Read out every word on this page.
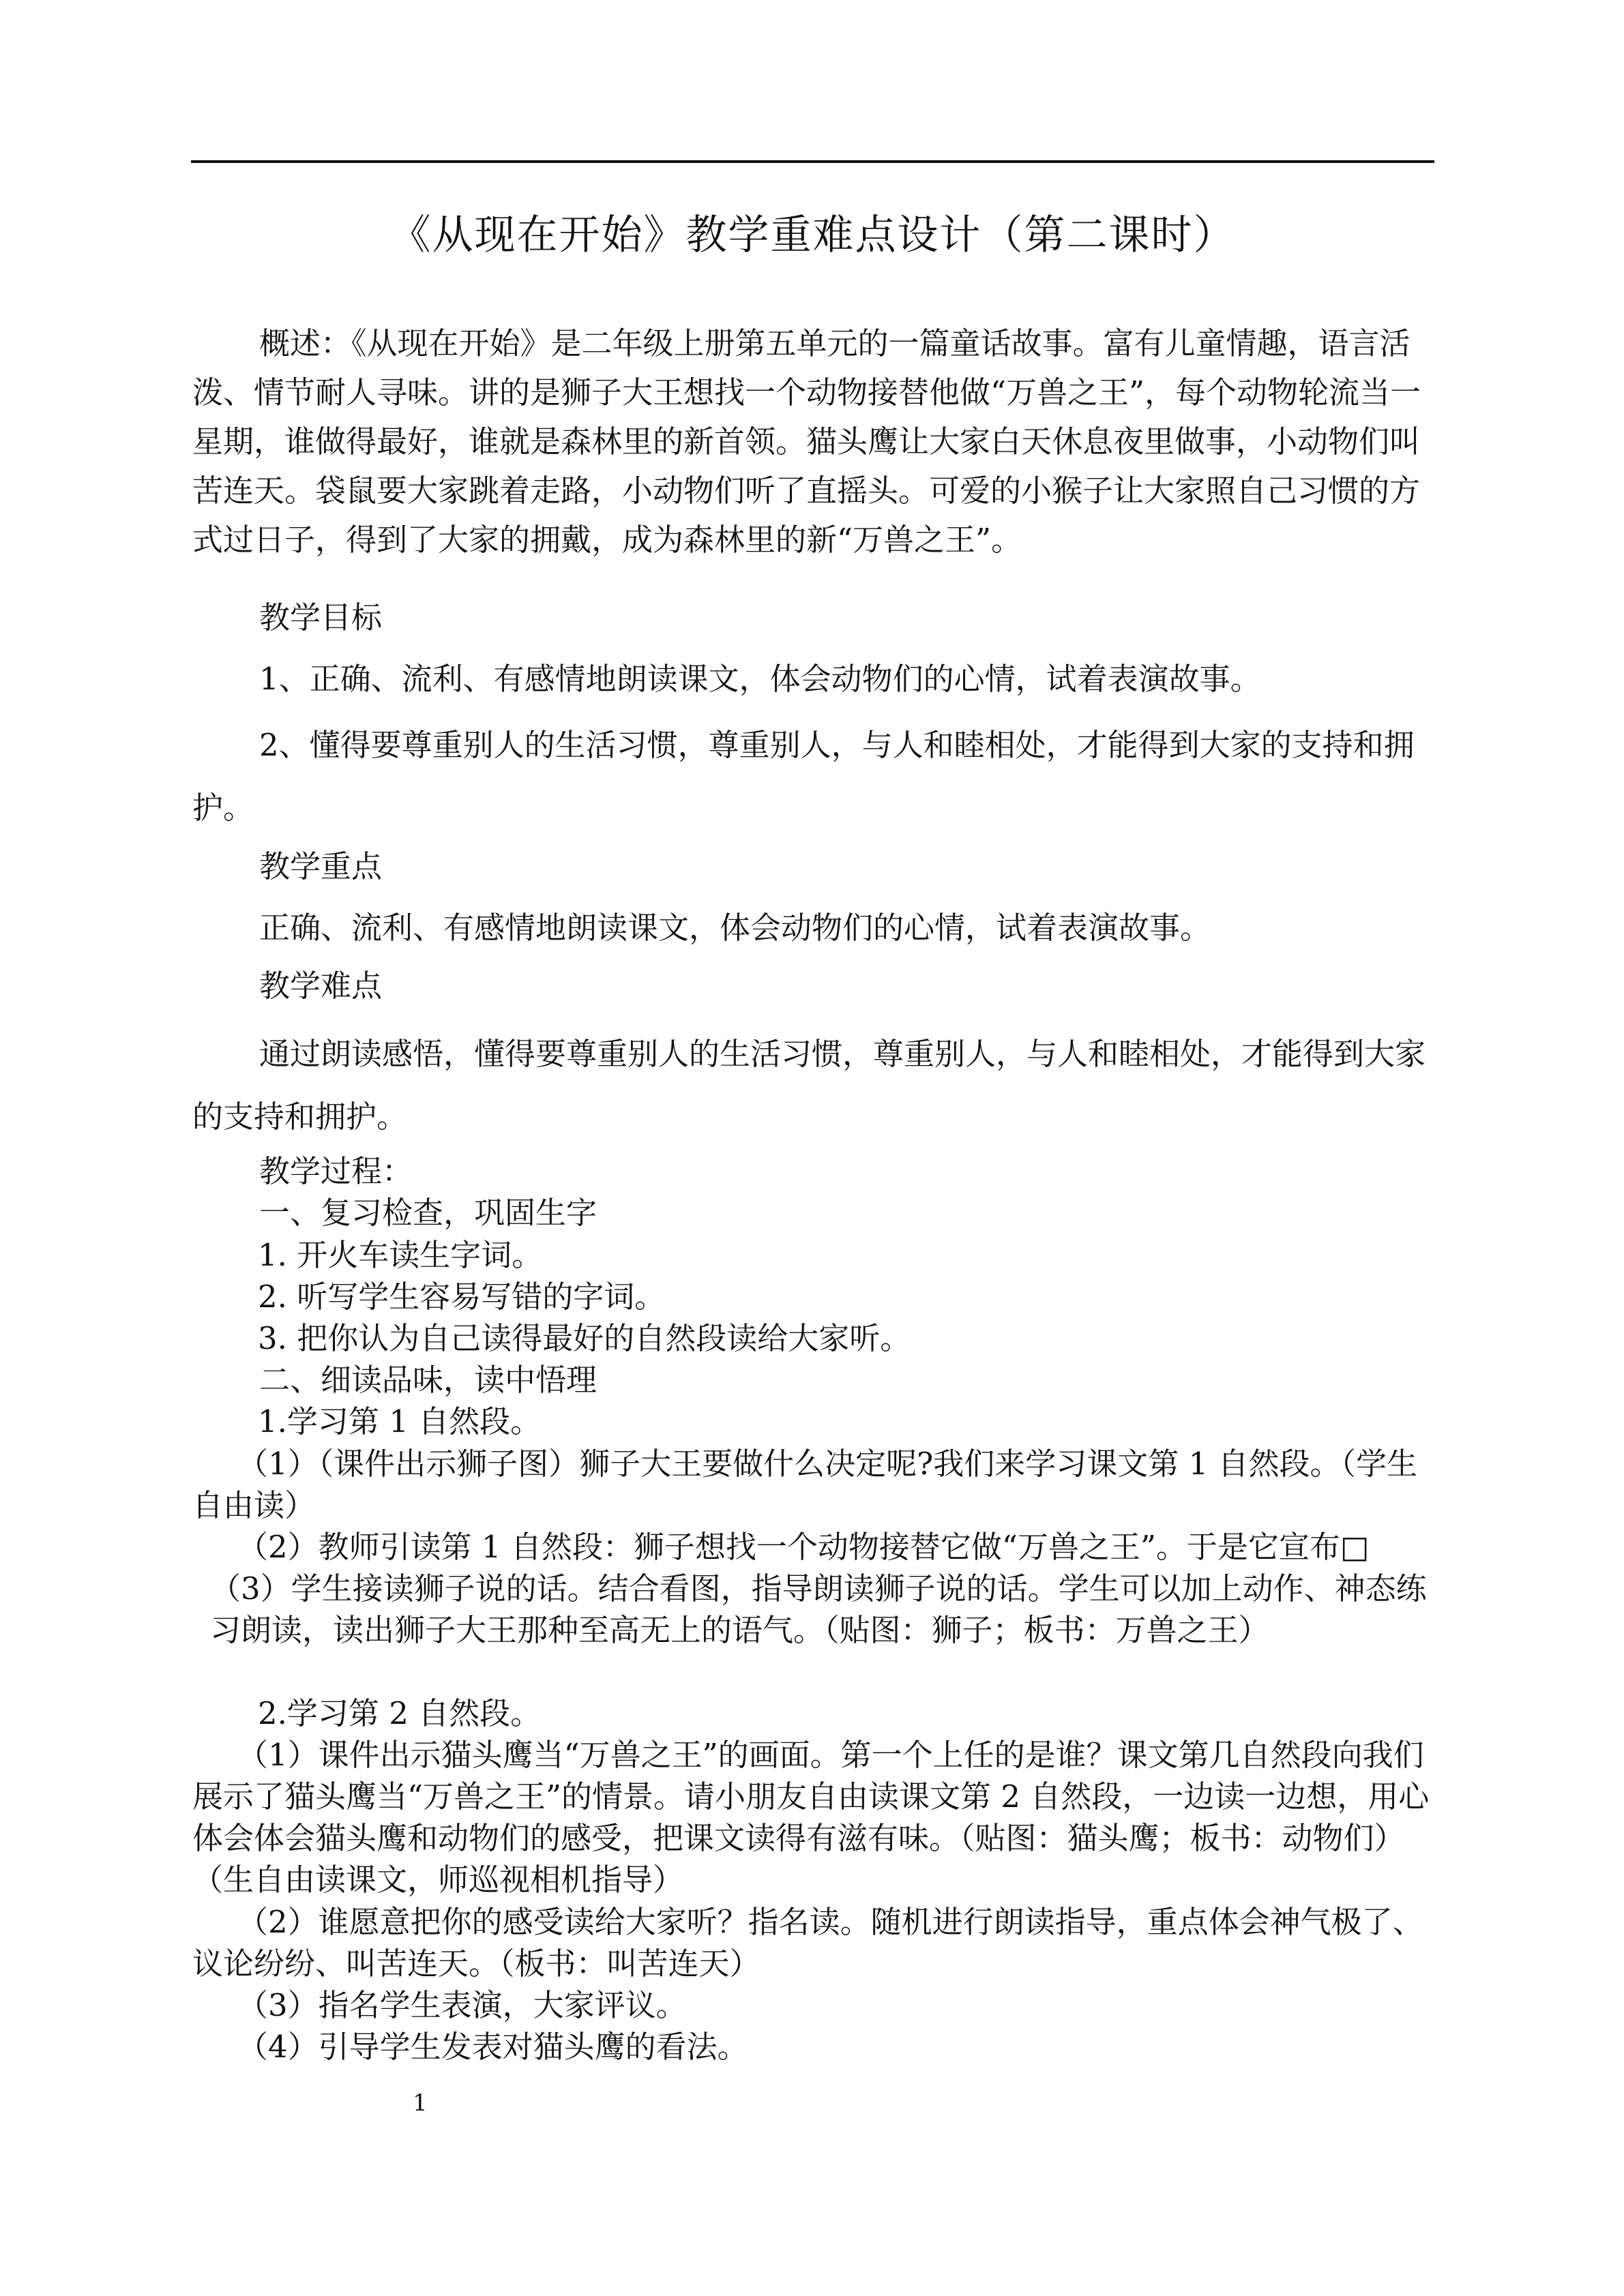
《从现在开始》教学重难点设计（第二课时）

概述：《从现在开始》是二年级上册第五单元的一篇童话故事。富有儿童情趣，语言活泼、情节耐人寻味。讲的是狮子大王想找一个动物接替他做“万兽之王”，每个动物轮流当一星期，谁做得最好，谁就是森林里的新首领。猫头鹰让大家白天休息夜里做事，小动物们叫苦连天。袋鼠要大家跳着走路，小动物们听了直摇头。可爱的小猴子让大家照自己习惯的方式过日子，得到了大家的拥戴，成为森林里的新“万兽之王”。

教学目标

1、正确、流利、有感情地朗读课文，体会动物们的心情，试着表演故事。

2、懂得要尊重别人的生活习惯，尊重别人，与人和睦相处，才能得到大家的支持和拥护。

教学重点

正确、流利、有感情地朗读课文，体会动物们的心情，试着表演故事。

教学难点

通过朗读感悟，懂得要尊重别人的生活习惯，尊重别人，与人和睦相处，才能得到大家的支持和拥护。

教学过程：

一、复习检查，巩固生字

1. 开火车读生字词。

2. 听写学生容易写错的字词。

3. 把你认为自己读得最好的自然段读给大家听。

二、细读品味，读中悟理

1.学习第 1 自然段。

（1）（课件出示狮子图）狮子大王要做什么决定呢?我们来学习课文第 1 自然段。（学生自由读）

（2）教师引读第 1 自然段：狮子想找一个动物接替它做“万兽之王”。于是它宣布□（3）学生接读狮子说的话。结合看图，指导朗读狮子说的话。学生可以加上动作、神态练习朗读，读出狮子大王那种至高无上的语气。（贴图：狮子；板书：万兽之王）

2.学习第 2 自然段。

（1）课件出示猫头鹰当“万兽之王”的画面。第一个上任的是谁？课文第几自然段向我们展示了猫头鹰当“万兽之王”的情景。请小朋友自由读课文第 2 自然段，一边读一边想，用心体会体会猫头鹰和动物们的感受，把课文读得有滋有味。（贴图：猫头鹰；板书：动物们）（生自由读课文，师巡视相机指导）

（2）谁愿意把你的感受读给大家听？指名读。随机进行朗读指导，重点体会神气极了、议论纷纷、叫苦连天。（板书：叫苦连天）

（3）指名学生表演，大家评议。

（4）引导学生发表对猫头鹰的看法。

1
